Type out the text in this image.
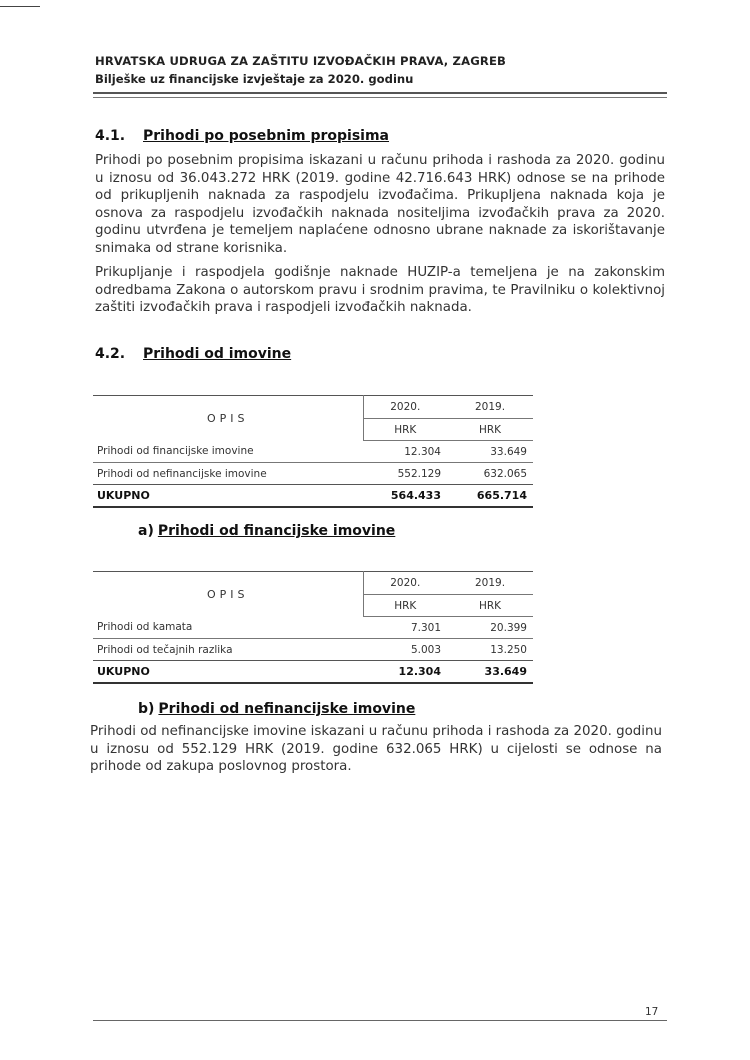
HRVATSKA UDRUGA ZA ZAŠTITU IZVOĐAČKIH PRAVA, ZAGREB
Bilješke uz financijske izvještaje za 2020. godinu
4.1. Prihodi po posebnim propisima

Prihodi po posebnim propisima iskazani u računu prihoda i rashoda za 2020. godinu u iznosu od 36.043.272 HRK (2019. godine 42.716.643 HRK) odnose se na prihode od prikupljenih naknada za raspodjelu izvođačima. Prikupljena naknada koja je osnova za raspodjelu izvođačkih naknada nositeljima izvođačkih prava za 2020. godinu utvrđena je temeljem naplaćene odnosno ubrane naknade za iskorištavanje snimaka od strane korisnika.

Prikupljanje i raspodjela godišnje naknade HUZIP-a temeljena je na zakonskim odredbama Zakona o autorskom pravu i srodnim pravima, te Pravilniku o kolektivnoj zaštiti izvođačkih prava i raspodjeli izvođačkih naknada.

4.2. Prihodi od imovine
OPIS	2020.	2019.
	HRK	HRK
Prihodi od financijske imovine	12.304	33.649
Prihodi od nefinancijske imovine	552.129	632.065
UKUPNO	564.433	665.714
a) Prihodi od financijske imovine
OPIS	2020.	2019.
	HRK	HRK
Prihodi od kamata	7.301	20.399
Prihodi od tečajnih razlika	5.003	13.250
UKUPNO	12.304	33.649
b) Prihodi od nefinancijske imovine

Prihodi od nefinancijske imovine iskazani u računu prihoda i rashoda za 2020. godinu u iznosu od 552.129 HRK (2019. godine 632.065 HRK) u cijelosti se odnose na prihode od zakupa poslovnog prostora.

17
